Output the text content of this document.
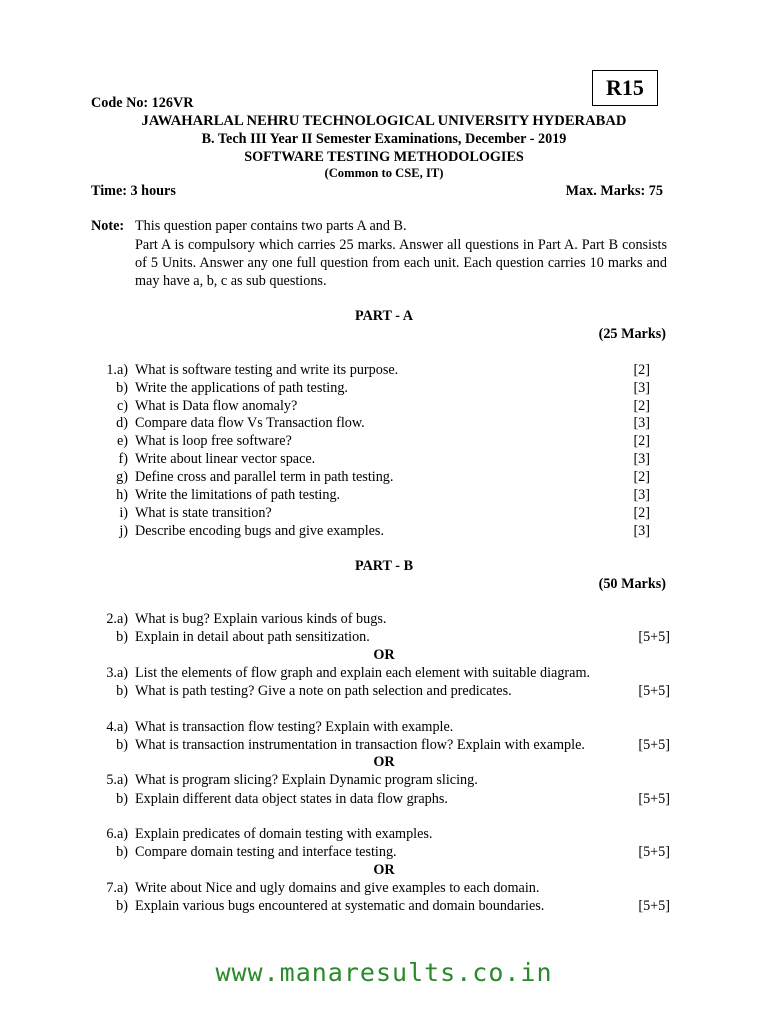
R15
Code No: 126VR
JAWAHARLAL NEHRU TECHNOLOGICAL UNIVERSITY HYDERABAD
B. Tech III Year II Semester Examinations, December - 2019
SOFTWARE TESTING METHODOLOGIES
(Common to CSE, IT)
Time: 3 hours	Max. Marks: 75
Note: This question paper contains two parts A and B.
Part A is compulsory which carries 25 marks. Answer all questions in Part A. Part B consists of 5 Units. Answer any one full question from each unit. Each question carries 10 marks and may have a, b, c as sub questions.
PART - A
(25 Marks)
1.a) What is software testing and write its purpose.	[2]
b) Write the applications of path testing.	[3]
c) What is Data flow anomaly?	[2]
d) Compare data flow Vs Transaction flow.	[3]
e) What is loop free software?	[2]
f) Write about linear vector space.	[3]
g) Define cross and parallel term in path testing.	[2]
h) Write the limitations of path testing.	[3]
i) What is state transition?	[2]
j) Describe encoding bugs and give examples.	[3]
PART - B
(50 Marks)
2.a) What is bug? Explain various kinds of bugs.
b) Explain in detail about path sensitization.	[5+5]
OR
3.a) List the elements of flow graph and explain each element with suitable diagram.
b) What is path testing? Give a note on path selection and predicates.	[5+5]
4.a) What is transaction flow testing? Explain with example.
b) What is transaction instrumentation in transaction flow? Explain with example.	[5+5]
OR
5.a) What is program slicing? Explain Dynamic program slicing.
b) Explain different data object states in data flow graphs.	[5+5]
6.a) Explain predicates of domain testing with examples.
b) Compare domain testing and interface testing.	[5+5]
OR
7.a) Write about Nice and ugly domains and give examples to each domain.
b) Explain various bugs encountered at systematic and domain boundaries.	[5+5]
www.manaresults.co.in
